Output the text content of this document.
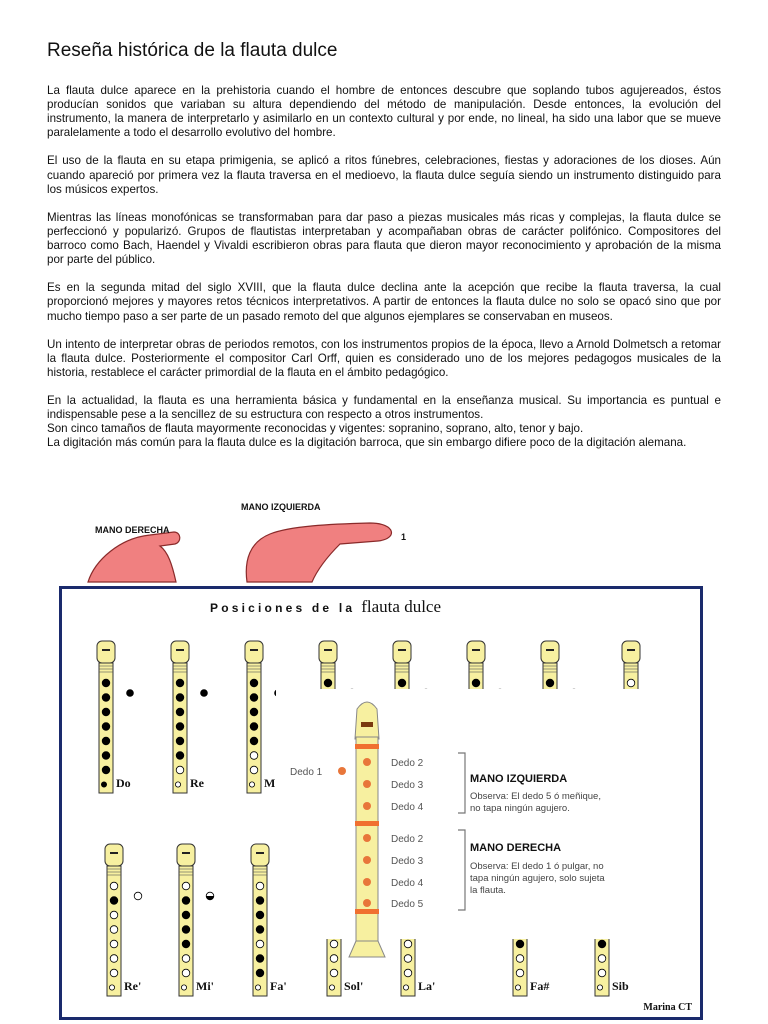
Reseña histórica de la flauta dulce

La flauta dulce aparece en la prehistoria cuando el hombre de entonces descubre que soplando tubos agujereados, éstos producían sonidos que variaban su altura dependiendo del método de manipulación. Desde entonces, la evolución del instrumento, la manera de interpretarlo y asimilarlo en un contexto cultural y por ende, no lineal, ha sido una labor que se mueve paralelamente a todo el desarrollo evolutivo del hombre.

El uso de la flauta en su etapa primigenia, se aplicó a ritos fúnebres, celebraciones, fiestas y adoraciones de los dioses. Aún cuando apareció por primera vez la flauta traversa en el medioevo, la flauta dulce seguía siendo un instrumento distinguido para los músicos expertos.

Mientras las líneas monofónicas se transformaban para dar paso a piezas musicales más ricas y complejas, la flauta dulce se perfeccionó y popularizó. Grupos de flautistas interpretaban y acompañaban obras de carácter polifónico. Compositores del barroco como Bach, Haendel y Vivaldi escribieron obras para flauta que dieron mayor reconocimiento y aprobación de la misma por parte del público.

Es en la segunda mitad del siglo XVIII, que la flauta dulce declina ante la acepción que recibe la flauta traversa, la cual proporcionó mejores y mayores retos técnicos interpretativos. A partir de entonces la flauta dulce no solo se opacó sino que por mucho tiempo paso a ser parte de un pasado remoto del que algunos ejemplares se conservaban en museos.

Un intento de interpretar obras de periodos remotos, con los instrumentos propios de la época, llevo a Arnold Dolmetsch a retomar la flauta dulce. Posteriormente el compositor Carl Orff, quien es considerado uno de los mejores pedagogos musicales de la historia, restablece el carácter primordial de la flauta en el ámbito pedagógico.

En la actualidad, la flauta es una herramienta básica y fundamental en la enseñanza musical. Su importancia es puntual e indispensable pese a la sencillez de su estructura con respecto a otros instrumentos.

Son cinco tamaños de flauta mayormente reconocidas y vigentes: sopranino, soprano, alto, tenor y bajo.

La digitación más común para la flauta dulce es la digitación barroca, que sin embargo difiere poco de la digitación alemana.

MANO DERECHA
MANO IZQUIERDA
1
Posiciones de la flauta dulce
Do	Re	M
Re'	Mi'	Fa'	Sol'	La'	Fa#	Sib
Dedo 1
Dedo 2
Dedo 3
Dedo 4
Dedo 2
Dedo 3
Dedo 4
Dedo 5
MANO IZQUIERDA
Observa: El dedo 5 ó meñique,
no tapa ningún agujero.
MANO DERECHA
Observa: El dedo 1 ó pulgar, no
tapa ningún agujero, solo sujeta
la flauta.
Marina CT
